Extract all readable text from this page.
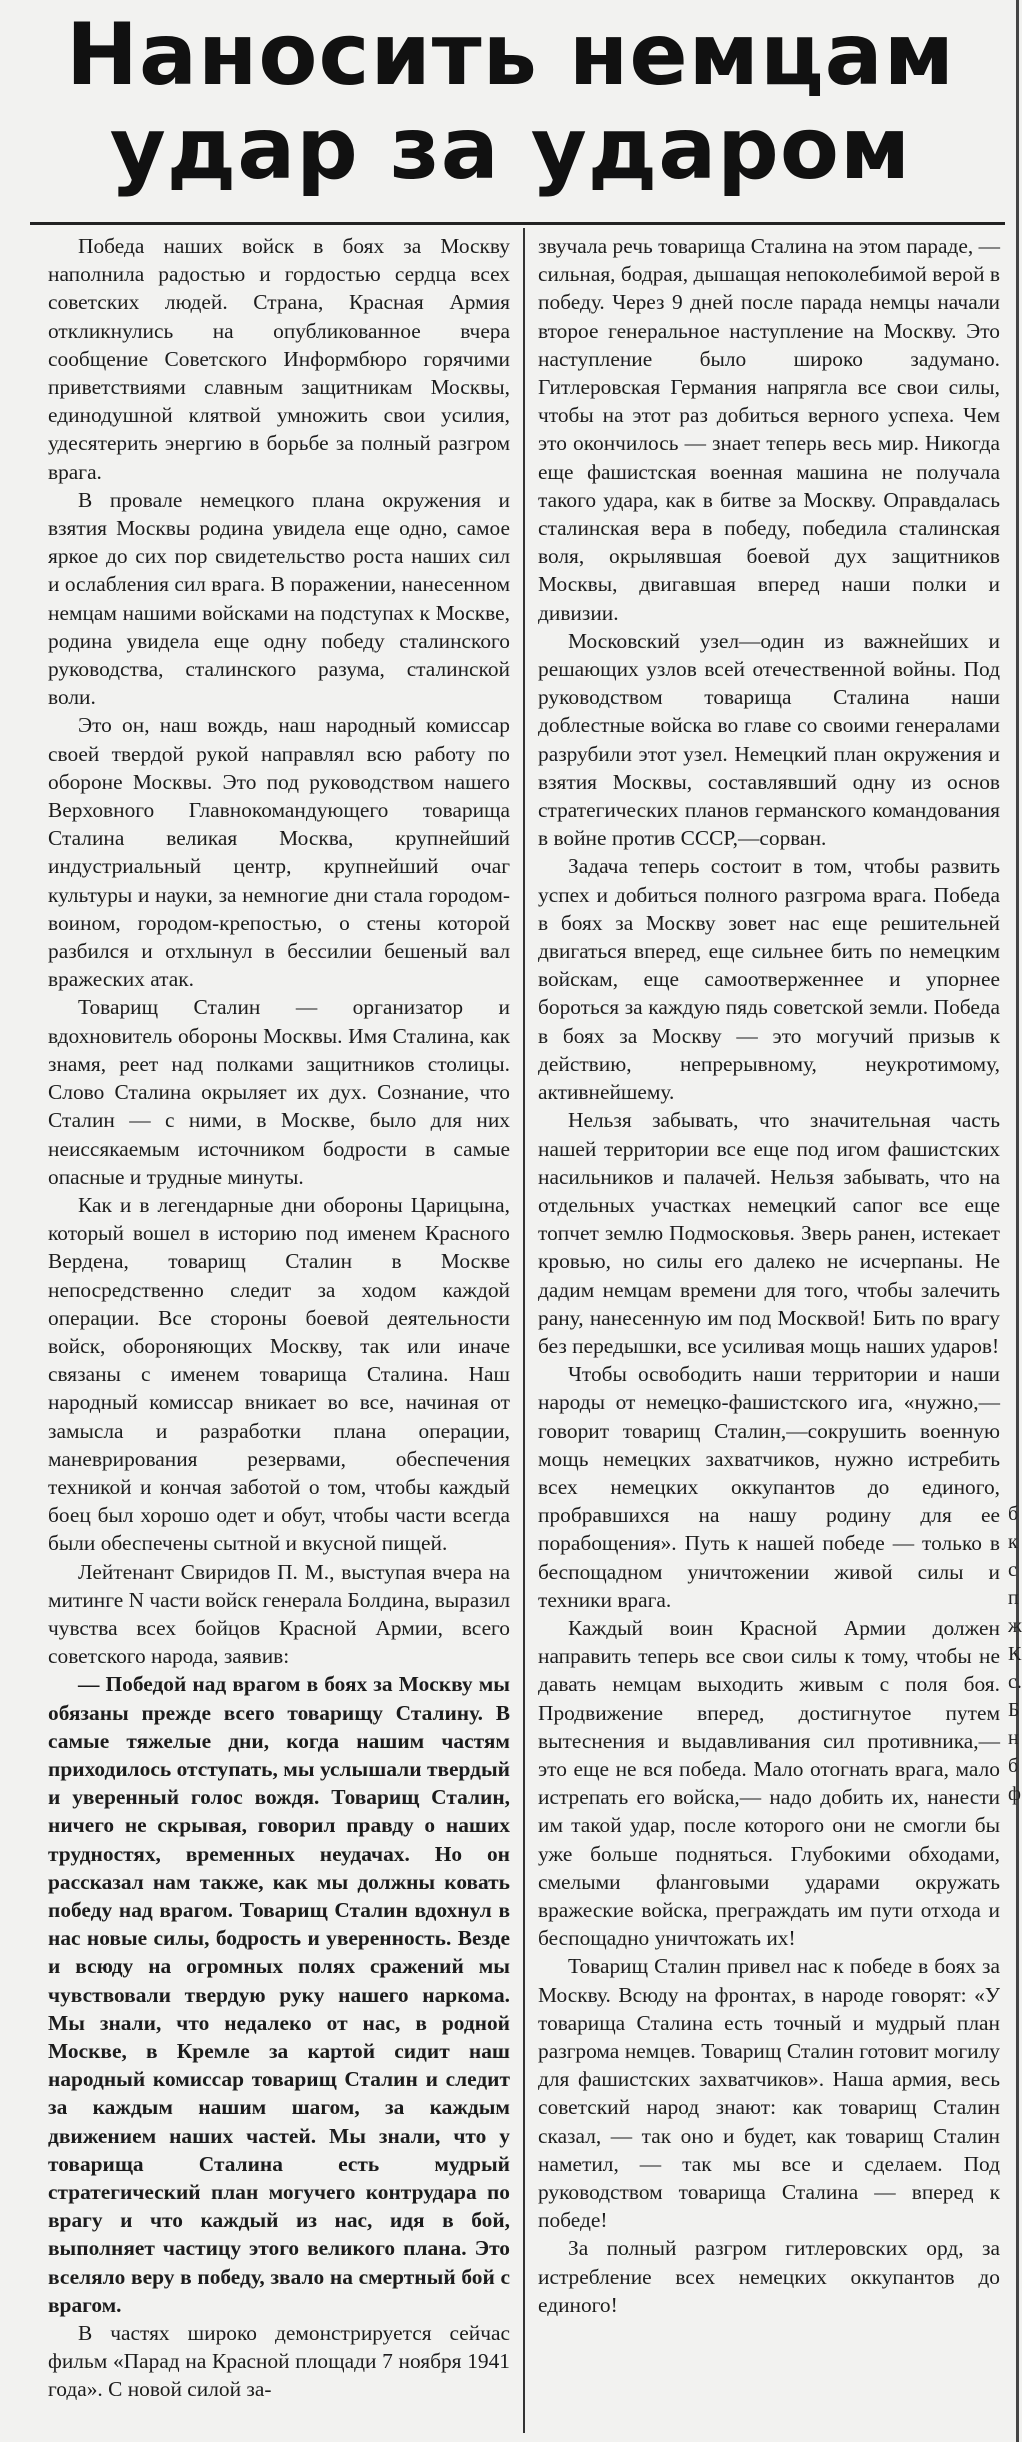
Наносить немцам
удар за ударом

Победа наших войск в боях за Москву наполнила радостью и гордостью сердца всех советских людей. Страна, Красная Армия откликнулись на опубликованное вчера сообщение Советского Информбюро горячими приветствиями славным защитникам Москвы, единодушной клятвой умножить свои усилия, удесятерить энергию в борьбе за полный разгром врага.

В провале немецкого плана окружения и взятия Москвы родина увидела еще одно, самое яркое до сих пор свидетельство роста наших сил и ослабления сил врага. В поражении, нанесенном немцам нашими войсками на подступах к Москве, родина увидела еще одну победу сталинского руководства, сталинского разума, сталинской воли.

Это он, наш вождь, наш народный комиссар своей твердой рукой направлял всю работу по обороне Москвы. Это под руководством нашего Верховного Главнокомандующего товарища Сталина великая Москва, крупнейший индустриальный центр, крупнейший очаг культуры и науки, за немногие дни стала городом-воином, городом-крепостью, о стены которой разбился и отхлынул в бессилии бешеный вал вражеских атак.

Товарищ Сталин — организатор и вдохновитель обороны Москвы. Имя Сталина, как знамя, реет над полками защитников столицы. Слово Сталина окрыляет их дух. Сознание, что Сталин — с ними, в Москве, было для них неиссякаемым источником бодрости в самые опасные и трудные минуты.

Как и в легендарные дни обороны Царицына, который вошел в историю под именем Красного Вердена, товарищ Сталин в Москве непосредственно следит за ходом каждой операции. Все стороны боевой деятельности войск, обороняющих Москву, так или иначе связаны с именем товарища Сталина. Наш народный комиссар вникает во все, начиная от замысла и разработки плана операции, маневрирования резервами, обеспечения техникой и кончая заботой о том, чтобы каждый боец был хорошо одет и обут, чтобы части всегда были обеспечены сытной и вкусной пищей.

Лейтенант Свиридов П. М., выступая вчера на митинге N части войск генерала Болдина, выразил чувства всех бойцов Красной Армии, всего советского народа, заявив:

— Победой над врагом в боях за Москву мы обязаны прежде всего товарищу Сталину. В самые тяжелые дни, когда нашим частям приходилось отступать, мы услышали твердый и уверенный голос вождя. Товарищ Сталин, ничего не скрывая, говорил правду о наших трудностях, временных неудачах. Но он рассказал нам также, как мы должны ковать победу над врагом. Товарищ Сталин вдохнул в нас новые силы, бодрость и уверенность. Везде и всюду на огромных полях сражений мы чувствовали твердую руку нашего наркома. Мы знали, что недалеко от нас, в родной Москве, в Кремле за картой сидит наш народный комиссар товарищ Сталин и следит за каждым нашим шагом, за каждым движением наших частей. Мы знали, что у товарища Сталина есть мудрый стратегический план могучего контрудара по врагу и что каждый из нас, идя в бой, выполняет частицу этого великого плана. Это вселяло веру в победу, звало на смертный бой с врагом.

В частях широко демонстрируется сейчас фильм «Парад на Красной площади 7 ноября 1941 года». С новой силой за-

звучала речь товарища Сталина на этом параде, — сильная, бодрая, дышащая непоколебимой верой в победу. Через 9 дней после парада немцы начали второе генеральное наступление на Москву. Это наступление было широко задумано. Гитлеровская Германия напрягла все свои силы, чтобы на этот раз добиться верного успеха. Чем это окончилось — знает теперь весь мир. Никогда еще фашистская военная машина не получала такого удара, как в битве за Москву. Оправдалась сталинская вера в победу, победила сталинская воля, окрылявшая боевой дух защитников Москвы, двигавшая вперед наши полки и дивизии.

Московский узел—один из важнейших и решающих узлов всей отечественной войны. Под руководством товарища Сталина наши доблестные войска во главе со своими генералами разрубили этот узел. Немецкий план окружения и взятия Москвы, составлявший одну из основ стратегических планов германского командования в войне против СССР,—сорван.

Задача теперь состоит в том, чтобы развить успех и добиться полного разгрома врага. Победа в боях за Москву зовет нас еще решительней двигаться вперед, еще сильнее бить по немецким войскам, еще самоотверженнее и упорнее бороться за каждую пядь советской земли. Победа в боях за Москву — это могучий призыв к действию, непрерывному, неукротимому, активнейшему.

Нельзя забывать, что значительная часть нашей территории все еще под игом фашистских насильников и палачей. Нельзя забывать, что на отдельных участках немецкий сапог все еще топчет землю Подмосковья. Зверь ранен, истекает кровью, но силы его далеко не исчерпаны. Не дадим немцам времени для того, чтобы залечить рану, нанесенную им под Москвой! Бить по врагу без передышки, все усиливая мощь наших ударов!

Чтобы освободить наши территории и наши народы от немецко-фашистского ига, «нужно,—говорит товарищ Сталин,—сокрушить военную мощь немецких захватчиков, нужно истребить всех немецких оккупантов до единого, пробравшихся на нашу родину для ее порабощения». Путь к нашей победе — только в беспощадном уничтожении живой силы и техники врага.

Каждый воин Красной Армии должен направить теперь все свои силы к тому, чтобы не давать немцам выходить живым с поля боя. Продвижение вперед, достигнутое путем вытеснения и выдавливания сил противника,— это еще не вся победа. Мало отогнать врага, мало истрепать его войска,— надо добить их, нанести им такой удар, после которого они не смогли бы уже больше подняться. Глубокими обходами, смелыми фланговыми ударами окружать вражеские войска, преграждать им пути отхода и беспощадно уничтожать их!

Товарищ Сталин привел нас к победе в боях за Москву. Всюду на фронтах, в народе говорят: «У товарища Сталина есть точный и мудрый план разгрома немцев. Товарищ Сталин готовит могилу для фашистских захватчиков». Наша армия, весь советский народ знают: как товарищ Сталин сказал, — так оно и будет, как товарищ Сталин наметил, — так мы все и сделаем. Под руководством товарища Сталина — вперед к победе!

За полный разгром гитлеровских орд, за истребление всех немецких оккупантов до единого!

б к с п ж К с. Б н б ф
